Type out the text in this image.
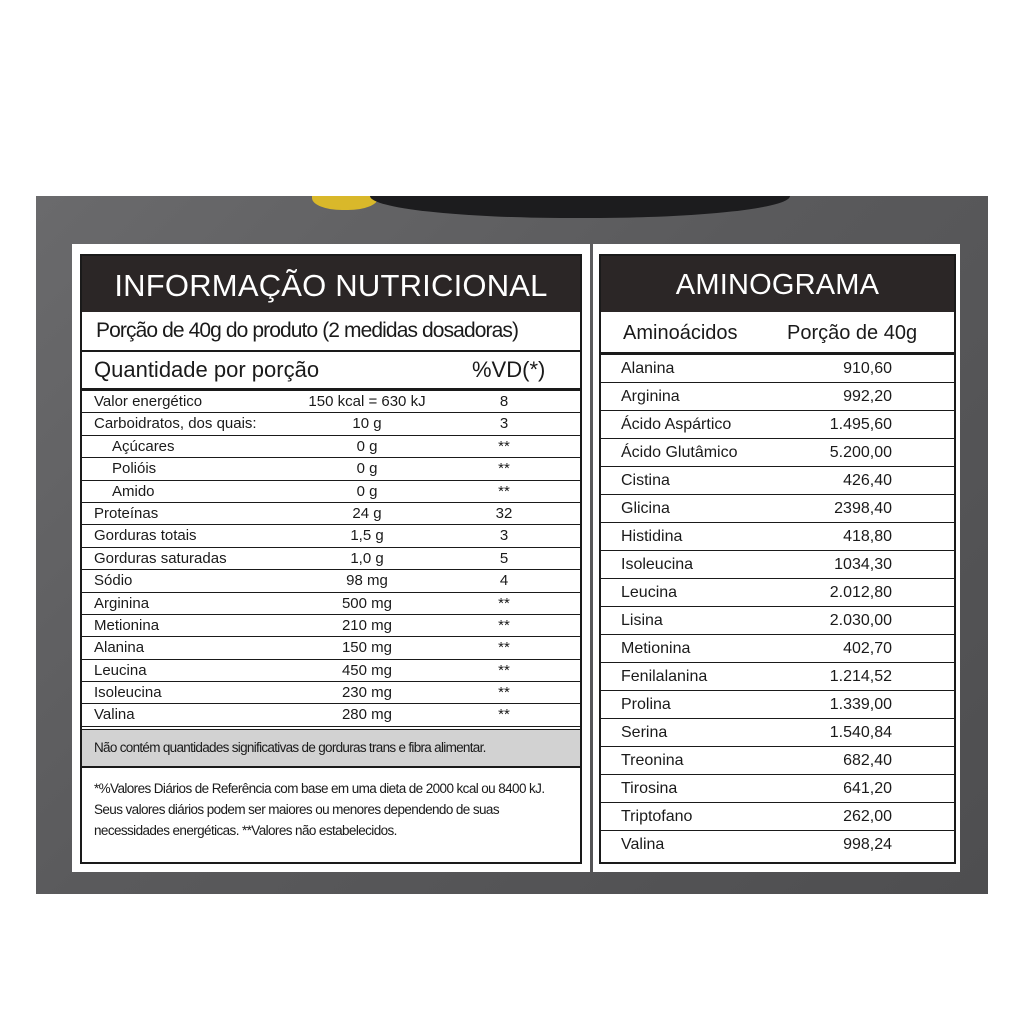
INFORMAÇÃO NUTRICIONAL
Porção de 40g do produto (2 medidas dosadoras)
Quantidade por porção	%VD(*)
Valor energético	150 kcal = 630 kJ	8
Carboidratos, dos quais:	10 g	3
Açúcares	0 g	**
Polióis	0 g	**
Amido	0 g	**
Proteínas	24 g	32
Gorduras totais	1,5 g	3
Gorduras saturadas	1,0 g	5
Sódio	98 mg	4
Arginina	500 mg	**
Metionina	210 mg	**
Alanina	150 mg	**
Leucina	450 mg	**
Isoleucina	230 mg	**
Valina	280 mg	**
Não contém quantidades significativas de gorduras trans e fibra alimentar.
*%Valores Diários de Referência com base em uma dieta de 2000 kcal ou 8400 kJ. Seus valores diários podem ser maiores ou menores dependendo de suas necessidades energéticas. **Valores não estabelecidos.
AMINOGRAMA
Aminoácidos Porção de 40g
Alanina	910,60
Arginina	992,20
Ácido Aspártico	1.495,60
Ácido Glutâmico	5.200,00
Cistina	426,40
Glicina	2398,40
Histidina	418,80
Isoleucina	1034,30
Leucina	2.012,80
Lisina	2.030,00
Metionina	402,70
Fenilalanina	1.214,52
Prolina	1.339,00
Serina	1.540,84
Treonina	682,40
Tirosina	641,20
Triptofano	262,00
Valina	998,24
